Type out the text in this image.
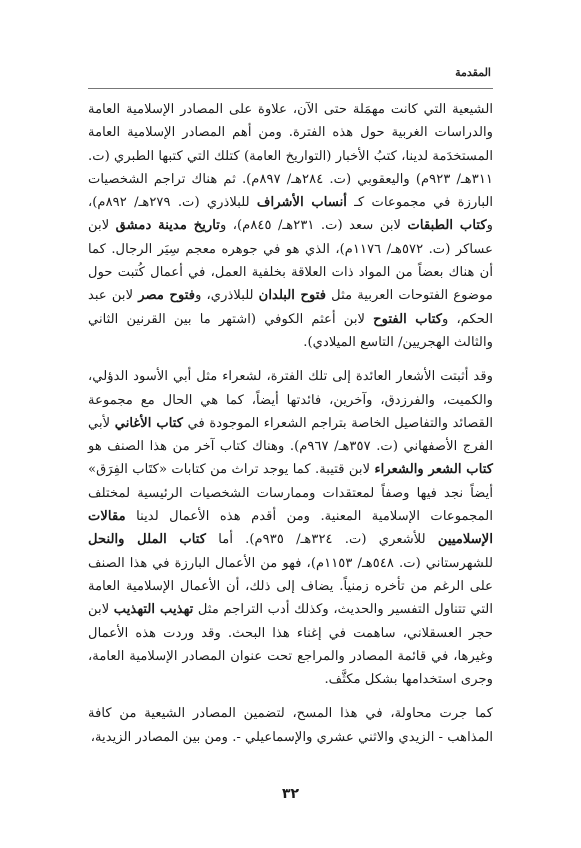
المقدمة

الشيعية التي كانت مهمَلة حتى الآن، علاوة على المصادر الإسلامية العامة والدراسات الغربية حول هذه الفترة. ومن أهم المصادر الإسلامية العامة المستخدَمة لدينا، كتبُ الأخبار (التواريخ العامة) كتلك التي كتبها الطبري (ت. ٣١١هـ/ ٩٢٣م) واليعقوبي (ت. ٢٨٤هـ/ ٨٩٧م). ثم هناك تراجم الشخصيات البارزة في مجموعات كـ أنساب الأشراف للبلاذري (ت. ٢٧٩هـ/ ٨٩٢م)، وكتاب الطبقات لابن سعد (ت. ٢٣١هـ/ ٨٤٥م)، وتاريخ مدينة دمشق لابن عساكر (ت. ٥٧٢هـ/ ١١٧٦م)، الذي هو في جوهره معجم سِيَر الرجال. كما أن هناك بعضاً من المواد ذات العلاقة بخلفية العمل، في أعمال كُتبت حول موضوع الفتوحات العربية مثل فتوح البلدان للبلاذري، وفتوح مصر لابن عبد الحكم، وكتاب الفتوح لابن أعثم الكوفي (اشتهر ما بين القرنين الثاني والثالث الهجريين/ التاسع الميلادي).

وقد أثبتت الأشعار العائدة إلى تلك الفترة، لشعراء مثل أبي الأسود الدؤلي، والكميت، والفرزدق، وآخرين، فائدتها أيضاً، كما هي الحال مع مجموعة القصائد والتفاصيل الخاصة بتراجم الشعراء الموجودة في كتاب الأغاني لأبي الفرج الأصفهاني (ت. ٣٥٧هـ/ ٩٦٧م). وهناك كتاب آخر من هذا الصنف هو كتاب الشعر والشعراء لابن قتيبة. كما يوجد تراث من كتابات «كتَاب الفِرَق» أيضاً نجد فيها وصفاً لمعتقدات وممارسات الشخصيات الرئيسية لمختلف المجموعات الإسلامية المعنية. ومن أقدم هذه الأعمال لدينا مقالات الإسلاميين للأشعري (ت. ٣٢٤هـ/ ٩٣٥م). أما كتاب الملل والنحل للشهرستاني (ت. ٥٤٨هـ/ ١١٥٣م)، فهو من الأعمال البارزة في هذا الصنف على الرغم من تأخره زمنياً. يضاف إلى ذلك، أن الأعمال الإسلامية العامة التي تتناول التفسير والحديث، وكذلك أدب التراجم مثل تهذيب التهذيب لابن حجر العسقلاني، ساهمت في إغناء هذا البحث. وقد وردت هذه الأعمال وغيرها، في قائمة المصادر والمراجع تحت عنوان المصادر الإسلامية العامة، وجرى استخدامها بشكل مكثَّف.

كما جرت محاولة، في هذا المسح، لتضمين المصادر الشيعية من كافة المذاهب - الزيدي والاثني عشري والإسماعيلي -. ومن بين المصادر الزيدية،

٣٢
